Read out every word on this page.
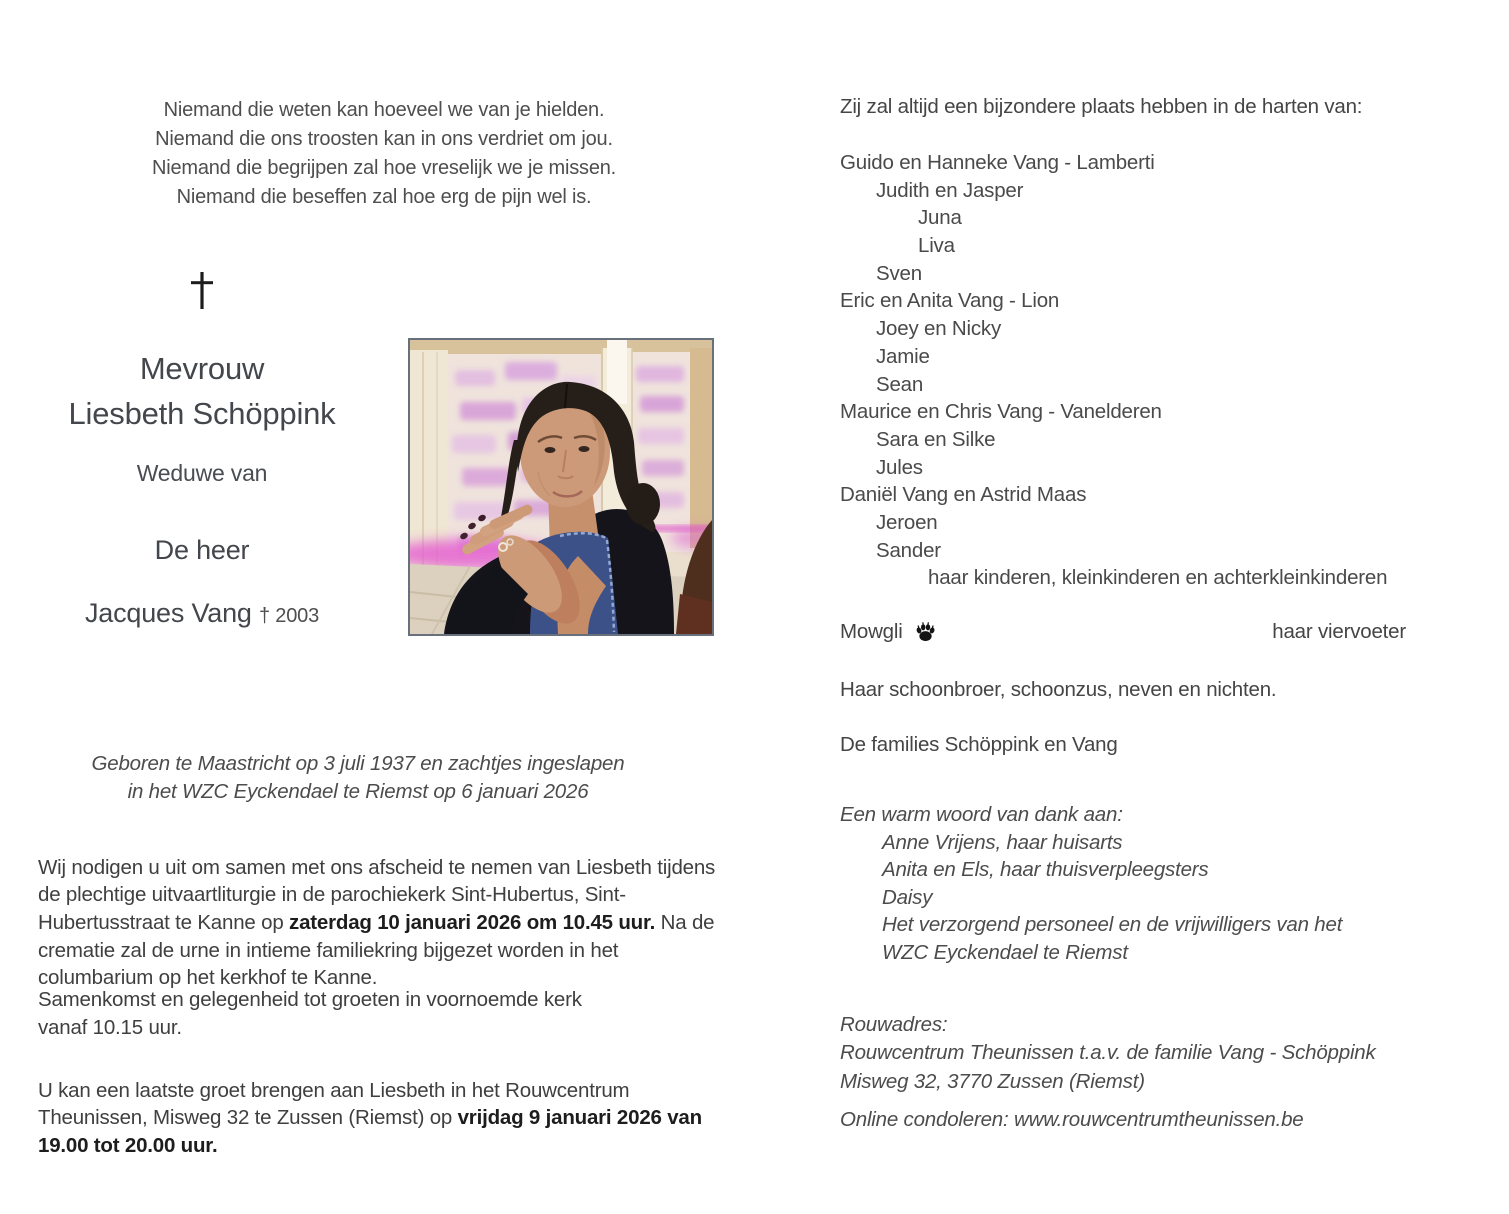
Niemand die weten kan hoeveel we van je hielden.
Niemand die ons troosten kan in ons verdriet om jou.
Niemand die begrijpen zal hoe vreselijk we je missen.
Niemand die beseffen zal hoe erg de pijn wel is.
Mevrouw
Liesbeth Schöppink
Weduwe van
De heer
Jacques Vang † 2003
Geboren te Maastricht op 3 juli 1937 en zachtjes ingeslapen
in het WZC Eyckendael te Riemst op 6 januari 2026

Wij nodigen u uit om samen met ons afscheid te nemen van Liesbeth tijdens de plechtige uitvaartliturgie in de parochiekerk Sint-Hubertus, Sint-Hubertusstraat te Kanne op zaterdag 10 januari 2026 om 10.45 uur. Na de crematie zal de urne in intieme familiekring bijgezet worden in het columbarium op het kerkhof te Kanne.

Samenkomst en gelegenheid tot groeten in voornoemde kerk
vanaf 10.15 uur.

U kan een laatste groet brengen aan Liesbeth in het Rouwcentrum Theunissen, Misweg 32 te Zussen (Riemst) op vrijdag 9 januari 2026 van 19.00 tot 20.00 uur.

Zij zal altijd een bijzondere plaats hebben in de harten van:
Guido en Hanneke Vang - Lamberti
Judith en Jasper
Juna
Liva
Sven
Eric en Anita Vang - Lion
Joey en Nicky
Jamie
Sean
Maurice en Chris Vang - Vanelderen
Sara en Silke
Jules
Daniël Vang en Astrid Maas
Jeroen
Sander
haar kinderen, kleinkinderen en achterkleinkinderen
Mowgli	haar viervoeter
Haar schoonbroer, schoonzus, neven en nichten.
De families Schöppink en Vang
Een warm woord van dank aan:
Anne Vrijens, haar huisarts
Anita en Els, haar thuisverpleegsters
Daisy
Het verzorgend personeel en de vrijwilligers van het
WZC Eyckendael te Riemst
Rouwadres:
Rouwcentrum Theunissen t.a.v. de familie Vang - Schöppink
Misweg 32, 3770 Zussen (Riemst)
Online condoleren: www.rouwcentrumtheunissen.be
